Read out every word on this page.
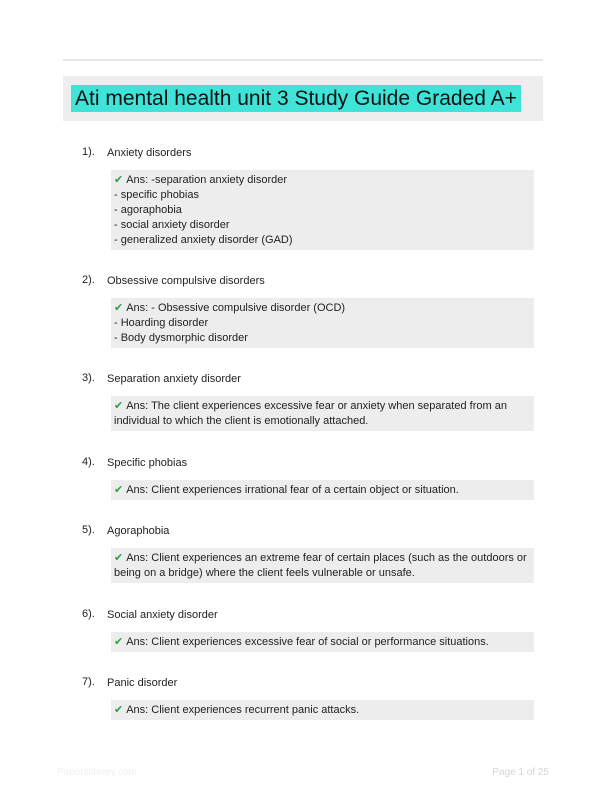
Ati mental health unit 3 Study Guide Graded A+
1). Anxiety disorders
✔ Ans: -separation anxiety disorder
- specific phobias
- agoraphobia
- social anxiety disorder
- generalized anxiety disorder (GAD)
2). Obsessive compulsive disorders
✔ Ans: - Obsessive compulsive disorder (OCD)
- Hoarding disorder
- Body dysmorphic disorder
3). Separation anxiety disorder
✔ Ans: The client experiences excessive fear or anxiety when separated from an individual to which the client is emotionally attached.
4). Specific phobias
✔ Ans: Client experiences irrational fear of a certain object or situation.
5). Agoraphobia
✔ Ans: Client experiences an extreme fear of certain places (such as the outdoors or being on a bridge) where the client feels vulnerable or unsafe.
6). Social anxiety disorder
✔ Ans: Client experiences excessive fear of social or performance situations.
7). Panic disorder
✔ Ans: Client experiences recurrent panic attacks.
Paperslibrary.com	Page 1 of 25
